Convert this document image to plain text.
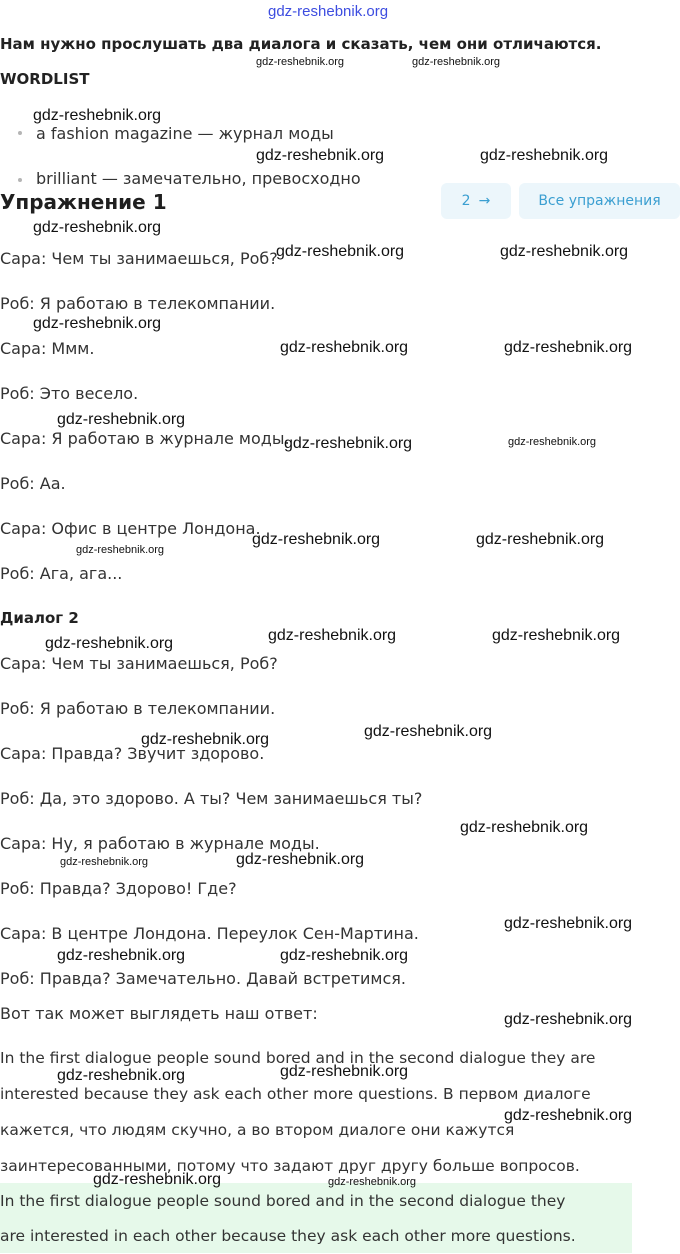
gdz-reshebnik.org
Нам нужно прослушать два диалога и сказать, чем они отличаются.
WORDLIST
a fashion magazine — журнал моды
brilliant — замечательно, превосходно
Упражнение 1	2 →	Все упражнения
Сара: Чем ты занимаешься, Роб?
Роб: Я работаю в телекомпании.
Сара: Ммм.
Роб: Это весело.
Сара: Я работаю в журнале моды.
Роб: Аа.
Сара: Офис в центре Лондона.
Роб: Ага, ага...
Диалог 2
Сара: Чем ты занимаешься, Роб?
Роб: Я работаю в телекомпании.
Сара: Правда? Звучит здорово.
Роб: Да, это здорово. А ты? Чем занимаешься ты?
Сара: Ну, я работаю в журнале моды.
Роб: Правда? Здорово! Где?
Сара: В центре Лондона. Переулок Сен-Мартина.
Роб: Правда? Замечательно. Давай встретимся.
Вот так может выглядеть наш ответ:
In the first dialogue people sound bored and in the second dialogue they are
interested because they ask each other more questions. В первом диалоге
кажется, что людям скучно, а во втором диалоге они кажутся
заинтересованными, потому что задают друг другу больше вопросов.
In the first dialogue people sound bored and in the second dialogue they
are interested in each other because they ask each other more questions.
gdz-reshebnik.org	gdz-reshebnik.org
gdz-reshebnik.org
gdz-reshebnik.org	gdz-reshebnik.org
gdz-reshebnik.org
gdz-reshebnik.org	gdz-reshebnik.org
gdz-reshebnik.org
gdz-reshebnik.org	gdz-reshebnik.org
gdz-reshebnik.org
gdz-reshebnik.org	gdz-reshebnik.org
gdz-reshebnik.org	gdz-reshebnik.org
gdz-reshebnik.org
gdz-reshebnik.org	gdz-reshebnik.org
gdz-reshebnik.org
gdz-reshebnik.org
gdz-reshebnik.org
gdz-reshebnik.org
gdz-reshebnik.org
gdz-reshebnik.org
gdz-reshebnik.org
gdz-reshebnik.org	gdz-reshebnik.org
gdz-reshebnik.org
gdz-reshebnik.org
gdz-reshebnik.org
gdz-reshebnik.org
gdz-reshebnik.org	gdz-reshebnik.org
